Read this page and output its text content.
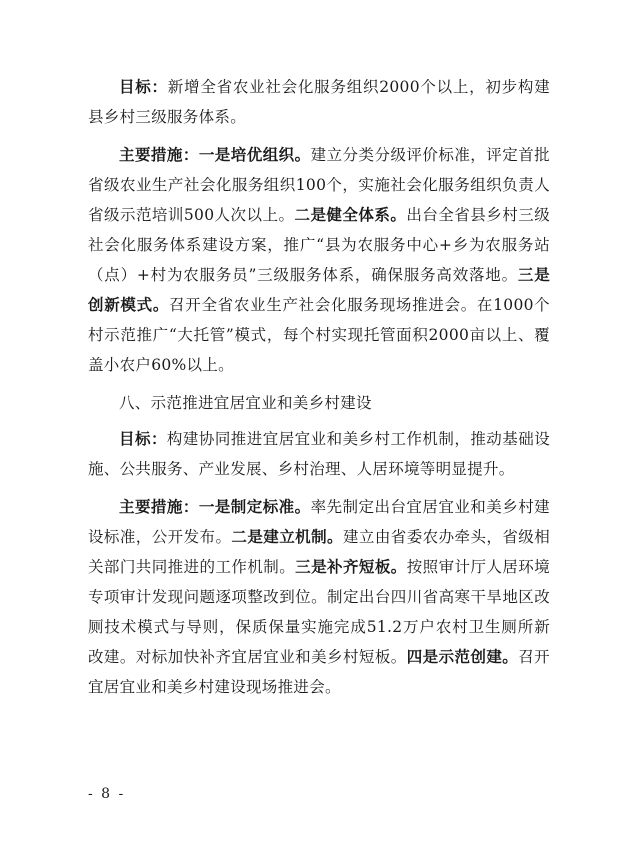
目标：新增全省农业社会化服务组织2000个以上，初步构建县乡村三级服务体系。

主要措施：一是培优组织。建立分类分级评价标准，评定首批省级农业生产社会化服务组织100个，实施社会化服务组织负责人省级示范培训500人次以上。二是健全体系。出台全省县乡村三级社会化服务体系建设方案，推广“县为农服务中心+乡为农服务站（点）+村为农服务员”三级服务体系，确保服务高效落地。三是创新模式。召开全省农业生产社会化服务现场推进会。在1000个村示范推广“大托管”模式，每个村实现托管面积2000亩以上、覆盖小农户60%以上。

八、示范推进宜居宜业和美乡村建设

目标：构建协同推进宜居宜业和美乡村工作机制，推动基础设施、公共服务、产业发展、乡村治理、人居环境等明显提升。

主要措施：一是制定标准。率先制定出台宜居宜业和美乡村建设标准，公开发布。二是建立机制。建立由省委农办牵头，省级相关部门共同推进的工作机制。三是补齐短板。按照审计厅人居环境专项审计发现问题逐项整改到位。制定出台四川省高寒干旱地区改厕技术模式与导则，保质保量实施完成51.2万户农村卫生厕所新改建。对标加快补齐宜居宜业和美乡村短板。四是示范创建。召开宜居宜业和美乡村建设现场推进会。

- 8 -
